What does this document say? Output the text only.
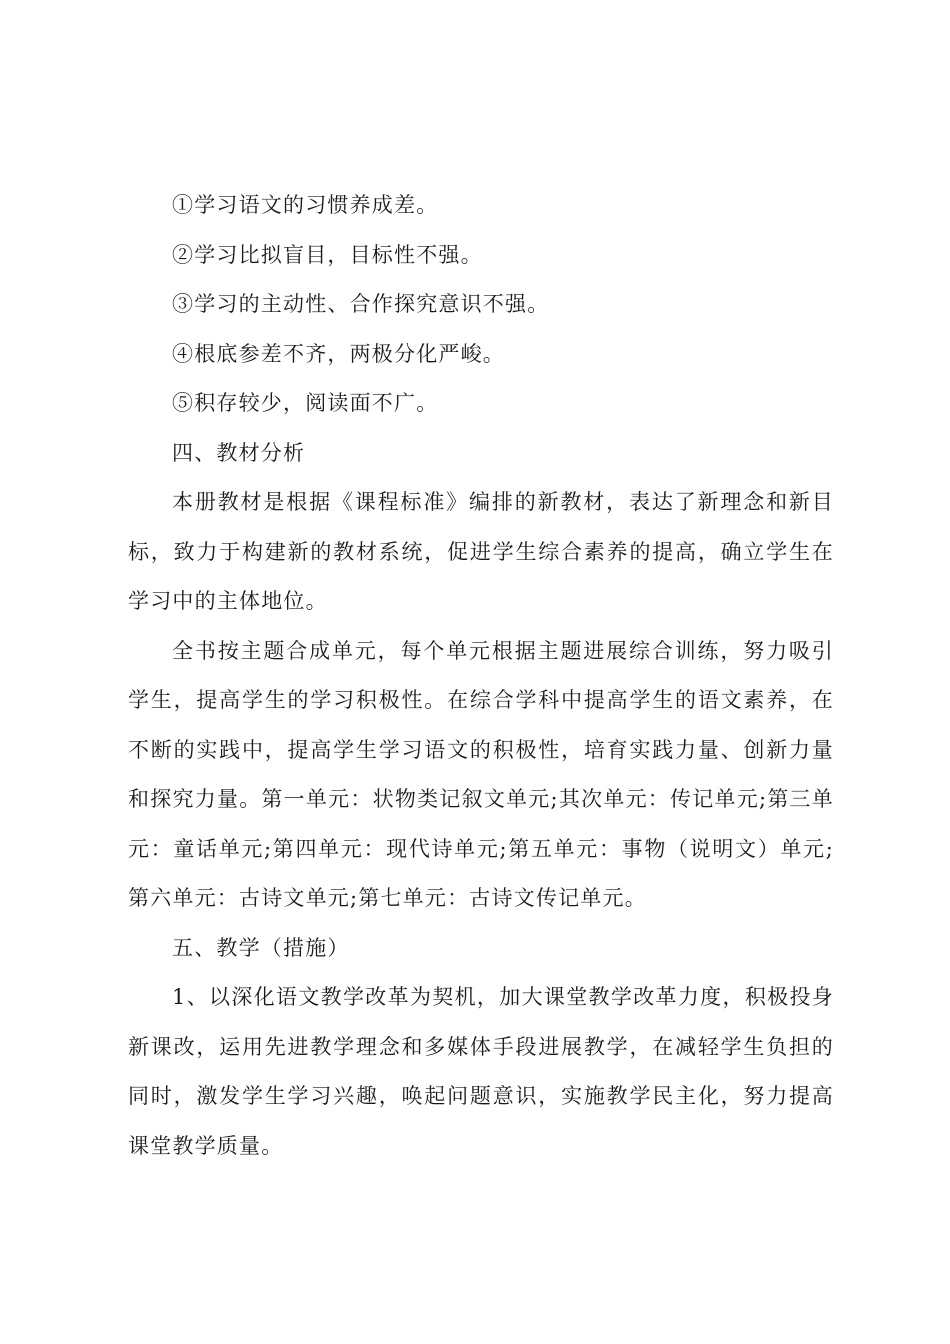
①学习语文的习惯养成差。

②学习比拟盲目，目标性不强。

③学习的主动性、合作探究意识不强。

④根底参差不齐，两极分化严峻。

⑤积存较少，阅读面不广。

四、教材分析

本册教材是根据《课程标准》编排的新教材，表达了新理念和新目标，致力于构建新的教材系统，促进学生综合素养的提高，确立学生在学习中的主体地位。

全书按主题合成单元，每个单元根据主题进展综合训练，努力吸引学生，提高学生的学习积极性。在综合学科中提高学生的语文素养，在不断的实践中，提高学生学习语文的积极性，培育实践力量、创新力量和探究力量。第一单元：状物类记叙文单元;其次单元：传记单元;第三单元：童话单元;第四单元：现代诗单元;第五单元：事物（说明文）单元;第六单元：古诗文单元;第七单元：古诗文传记单元。

五、教学（措施）

1、以深化语文教学改革为契机，加大课堂教学改革力度，积极投身新课改，运用先进教学理念和多媒体手段进展教学，在减轻学生负担的同时，激发学生学习兴趣，唤起问题意识，实施教学民主化，努力提高课堂教学质量。
